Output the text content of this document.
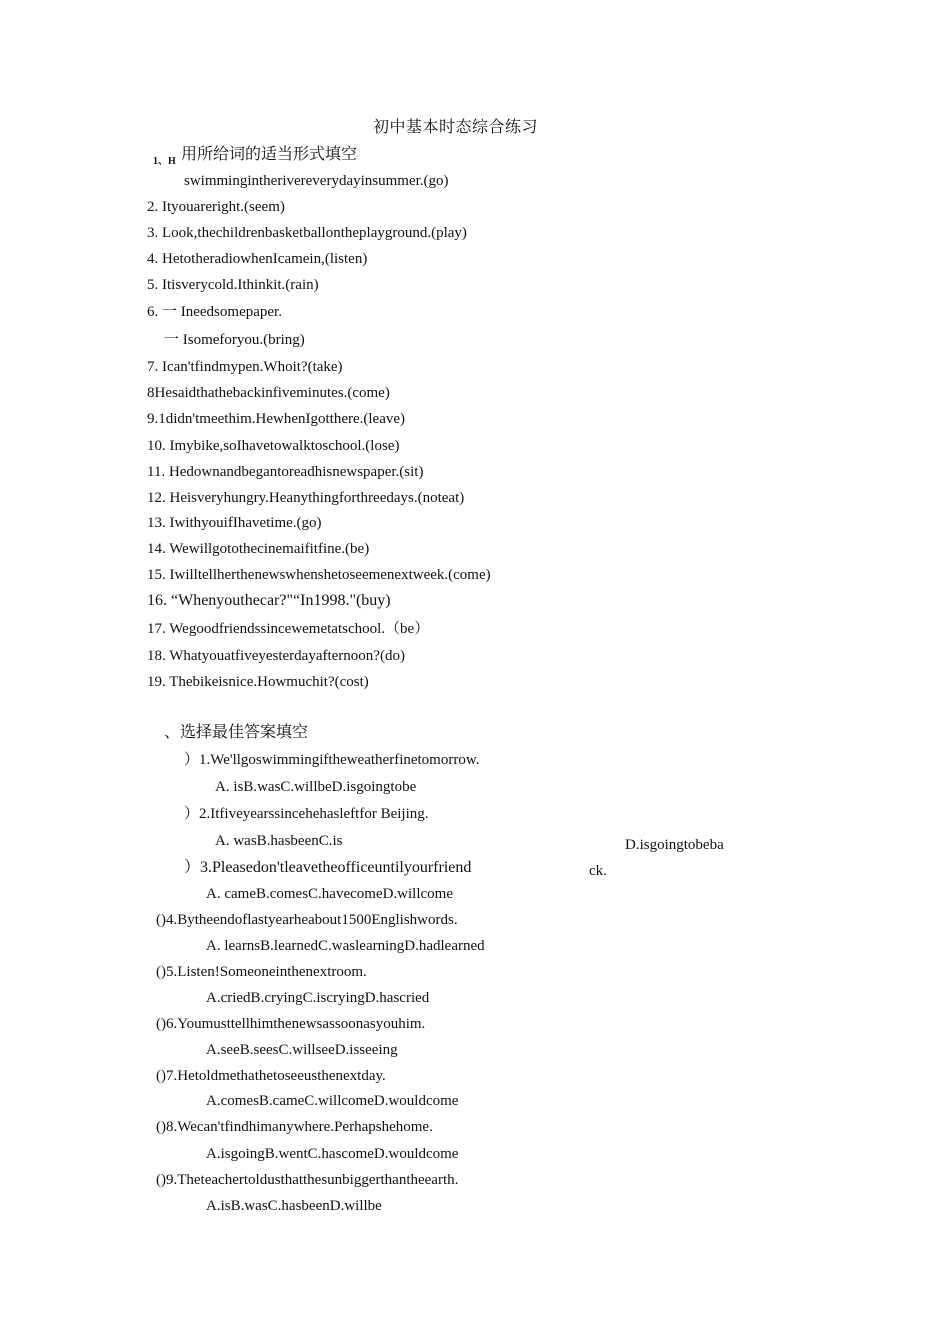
初中基本时态综合练习
1、H 用所给词的适当形式填空
swimmingintherivereverydayinsummer.(go)
2. Ityouareright.(seem)
3. Look,thechildrenbasketballontheplayground.(play)
4. HetotheradiowhenIcamein,(listen)
5. Itisverycold.Ithinkit.(rain)
6. 一 Ineedsomepaper.
一 Isomeforyou.(bring)
7. Ican'tfindmypen.Whoit?(take)
8Hesaidthathebackinfiveminutes.(come)
9.1didn'tmeethim.HewhenIgotthere.(leave)
10. Imybike,soIhavetowalktoschool.(lose)
11. Hedownandbegantoreadhisnewspaper.(sit)
12. Heisveryhungry.Heanythingforthreedays.(noteat)
13. IwithyouifIhavetime.(go)
14. Wewillgotothecinemaifitfine.(be)
15. Iwilltellherthenewswhenshetoseemenextweek.(come)
16. “Whenyouthecar?"“In1998."(buy)
17. Wegoodfriendssincewemetatschool.（be）
18. Whatyouatfiveyesterdayafternoon?(do)
19. Thebikeisnice.Howmuchit?(cost)
、选择最佳答案填空
）1.We'llgoswimmingiftheweatherfinetomorrow.
A. isB.wasC.willbeD.isgoingtobe
）2.Itfiveyearssincehehasleftfor Beijing.
A. wasB.hasbeenC.is	D.isgoingtobeba
ck.
）3.Pleasedon'tleavetheofficeuntilyourfriend
A. cameB.comesC.havecomeD.willcome
()4.Bytheendoflastyearheabout1500Englishwords.
A. learnsB.learnedC.waslearningD.hadlearned
()5.Listen!Someoneinthenextroom.
A.criedB.cryingC.iscryingD.hascried
()6.Youmusttellhimthenewsassoonasyouhim.
A.seeB.seesC.willseeD.isseeing
()7.Hetoldmethathetoseeusthenextday.
A.comesB.cameC.willcomeD.wouldcome
()8.Wecan'tfindhimanywhere.Perhapshehome.
A.isgoingB.wentC.hascomeD.wouldcome
()9.Theteachertoldusthatthesunbiggerthantheearth.
A.isB.wasC.hasbeenD.willbe
